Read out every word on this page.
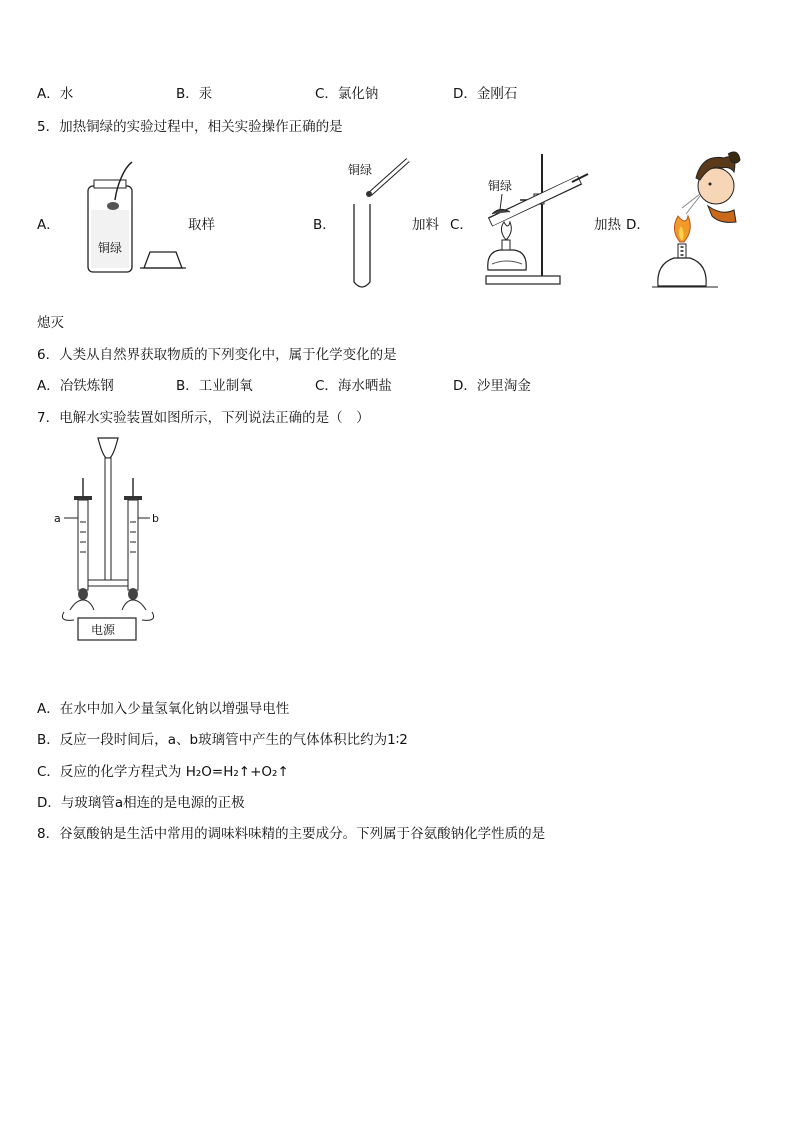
A．水	B．汞	C．氯化钠	D．金刚石
5．加热铜绿的实验过程中，相关实验操作正确的是
A．	取样	B．	加料 C．	加热 D．
熄灭
铜绿
铜绿
铜绿
6．人类从自然界获取物质的下列变化中，属于化学变化的是
A．冶铁炼钢	B．工业制氧	C．海水晒盐	D．沙里淘金
7．电解水实验装置如图所示，下列说法正确的是（　）
a	b
电源
A．在水中加入少量氢氧化钠以增强导电性
B．反应一段时间后，a、b玻璃管中产生的气体体积比约为1∶2
C．反应的化学方程式为 H₂O=H₂↑+O₂↑
D．与玻璃管a相连的是电源的正极
8．谷氨酸钠是生活中常用的调味料味精的主要成分。下列属于谷氨酸钠化学性质的是
